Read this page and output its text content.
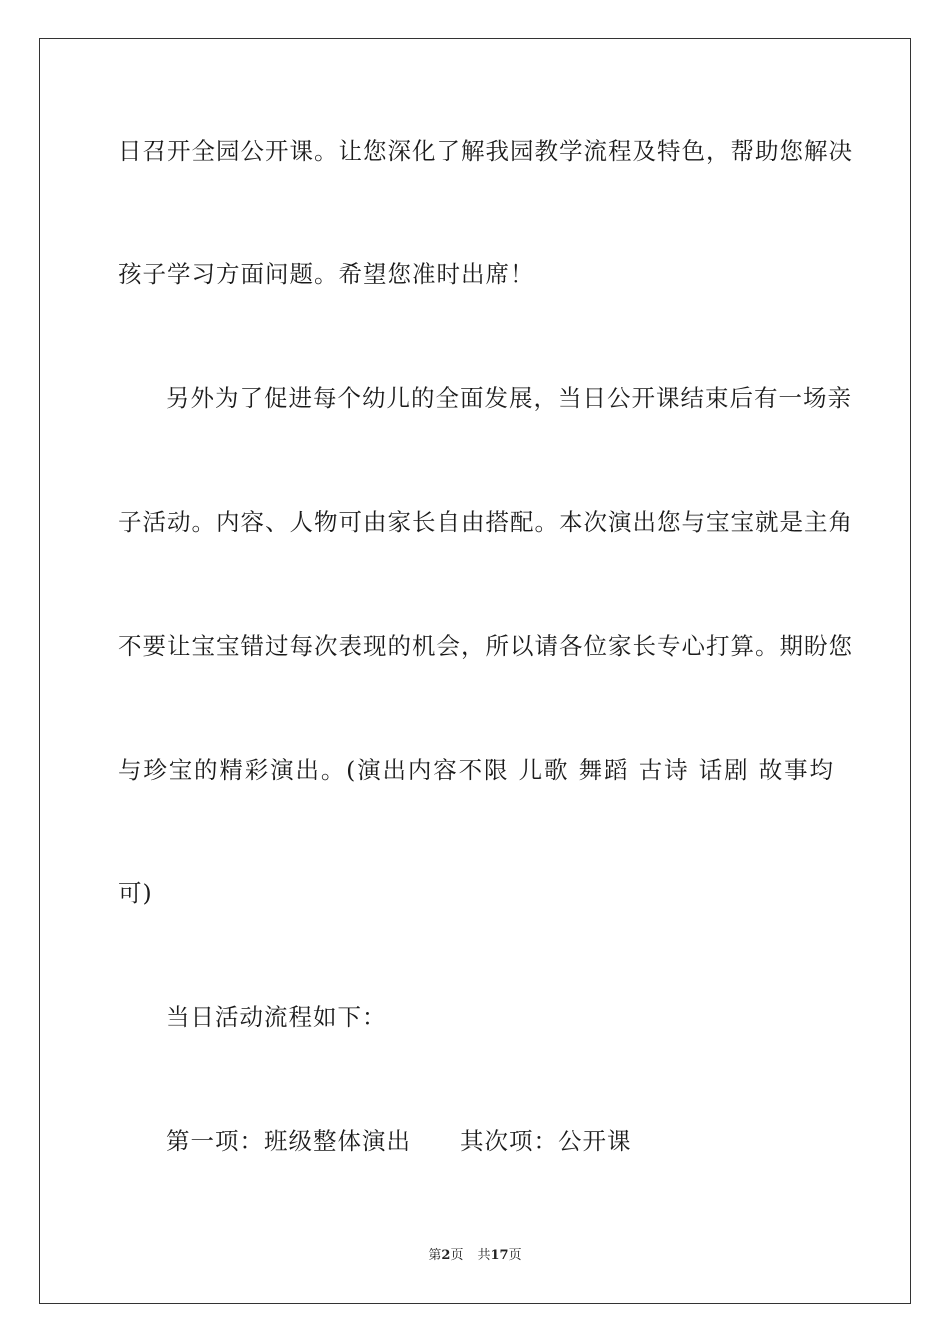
日召开全园公开课。让您深化了解我园教学流程及特色，帮助您解决
孩子学习方面问题。希望您准时出席！
另外为了促进每个幼儿的全面发展，当日公开课结束后有一场亲
子活动。内容、人物可由家长自由搭配。本次演出您与宝宝就是主角
不要让宝宝错过每次表现的机会，所以请各位家长专心打算。期盼您
与珍宝的精彩演出。(演出内容不限 儿歌 舞蹈 古诗 话剧 故事均
可)
当日活动流程如下：
第一项：班级整体演出　　其次项：公开课
第2页 共17页
